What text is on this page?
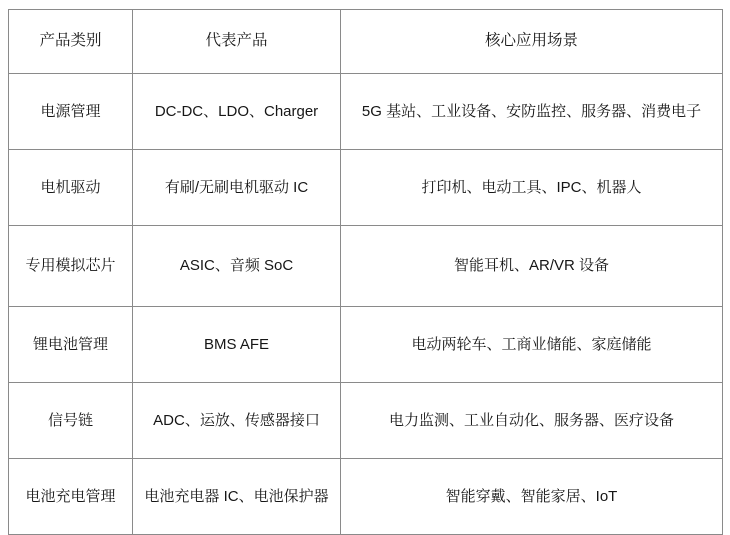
产品类别	代表产品	核心应用场景
电源管理	DC-DC、LDO、Charger	5G 基站、工业设备、安防监控、服务器、消费电子
电机驱动	有刷/无刷电机驱动 IC	打印机、电动工具、IPC、机器人
专用模拟芯片	ASIC、音频 SoC	智能耳机、AR/VR 设备
锂电池管理	BMS AFE	电动两轮车、工商业储能、家庭储能
信号链	ADC、运放、传感器接口	电力监测、工业自动化、服务器、医疗设备
电池充电管理	电池充电器 IC、电池保护器	智能穿戴、智能家居、IoT
